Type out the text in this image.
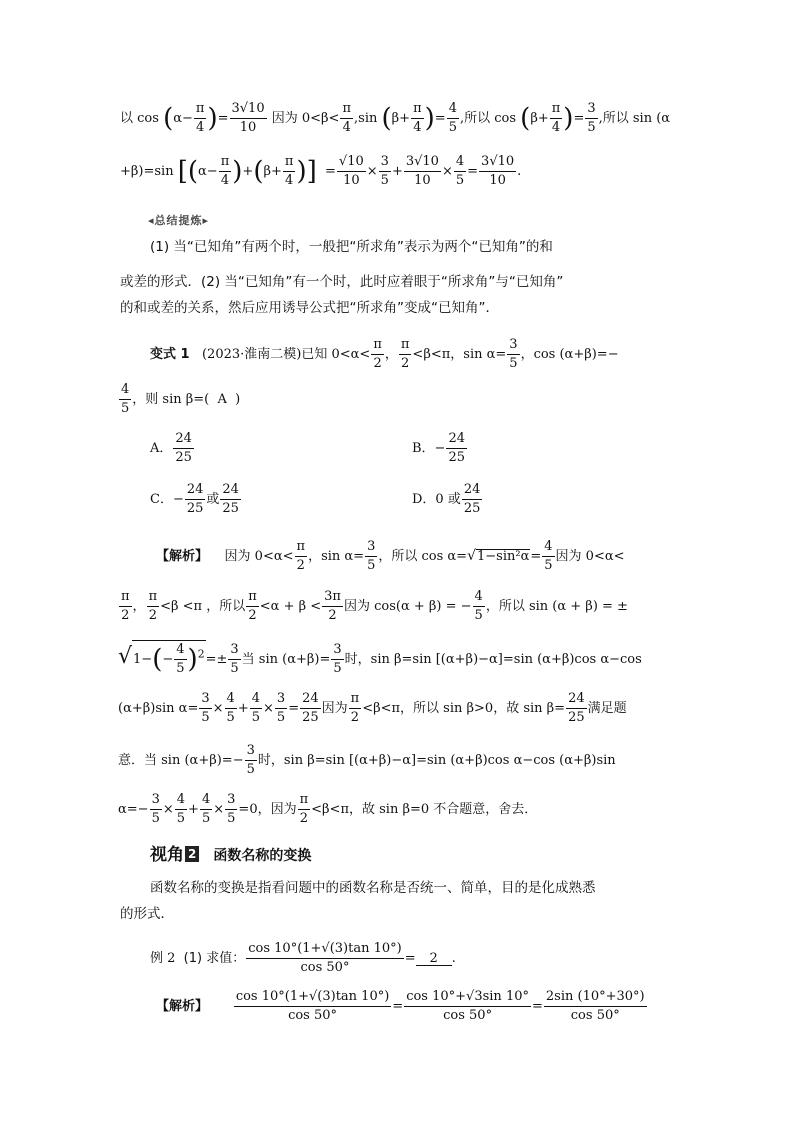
以 $\cos (\alpha- \frac{\pi}{4}$ )= $\frac{3√10}{10}$ 因为 $0<\beta< \frac{\pi}{4} ,\sin$ ($\beta+ \frac{\pi}{4}$ )= $\frac{4}{5}$ ,所以 $\cos (\beta+ \frac{\pi}{4}$ )= $\frac{3}{5}$ ,所以 sin (α
+β)=sin [$(\alpha- \frac{\pi}{4} )+(\beta+ \frac{\pi}{4}$ )]  = $\frac{√10}{10} \times \frac{3}{5} + \frac{3√10}{10} \times \frac{4}{5} = \frac{3√10}{10}$ .
◂总结提炼▸
(1) 当“已知角”有两个时，一般把“所求角”表示为两个“已知角”的和
或差的形式．(2) 当“已知角”有一个时，此时应着眼于“所求角”与“已知角”
的和或差的关系，然后应用诱导公式把“所求角”变成“已知角”．
变式 1 (2023·淮南二模)已知 $0<\alpha< \frac{\pi}{2}$ ， $\frac{\pi}{2} <\beta<\pi$，$\sin \alpha= \frac{3}{5}$ ，cos (α+β)=−
$\frac{4}{5}$ ，则 sin β=( A )
A． $\frac{24}{25}$	B．− $\frac{24}{25}$
C．− $\frac{24}{25}$ 或 $\frac{24}{25}$	D．0 或 $\frac{24}{25}$
【解析】 因为 $0<\alpha< \frac{\pi}{2}$ ，$\sin \alpha= \frac{3}{5}$ ，所以 $\cos \alpha=√1-\sin^2\alpha= \frac{4}{5}$ 因为 0<α<
$\frac{\pi}{2}$ ， $\frac{\pi}{2} <\beta <\pi$ ，所以 $\frac{\pi}{2} <\alpha + \beta < \frac{3\pi}{2}$ 因为 cos(α + β) = − $\frac{4}{5}$ ，所以 sin (α + β) = ±
$√1-(- \frac{4}{5} )^2=\pm \frac{3}{5}$ 当 $\sin (\alpha+\beta)= \frac{3}{5}$ 时，sin β=sin [(α+β)−α]=sin (α+β)cos α−cos
(α+β)sin $\alpha= \frac{3}{5} \times \frac{4}{5} + \frac{4}{5} \times \frac{3}{5} = \frac{24}{25}$ 因为 $\frac{\pi}{2} <\beta<\pi$，所以 sin β>0，故 $\sin \beta= \frac{24}{25}$ 满足题
意．当 $\sin (\alpha+\beta)=- \frac{3}{5}$ 时，sin β=sin [(α+β)−α]=sin (α+β)cos α−cos (α+β)sin
$\alpha=- \frac{3}{5} \times \frac{4}{5} + \frac{4}{5} \times \frac{3}{5} =0$，因为 $\frac{\pi}{2} <\beta<\pi$，故 sin β=0 不合题意，舍去．
视角 2 函数名称的变换
函数名称的变换是指看问题中的函数名称是否统一、简单，目的是化成熟悉
的形式．
例 2 (1) 求值： $\frac{\cos 10^\circ(1+√(3)\tan 10^\circ)}{\cos 50^\circ} = 2$ .
【解析】 $\frac{\cos 10^\circ(1+√(3)\tan 10^\circ)}{\cos 50^\circ} = \frac{\cos 10^\circ+√3\sin 10^\circ}{\cos 50^\circ} = \frac{2\sin (10^\circ+30^\circ)}{\cos 50^\circ}$
